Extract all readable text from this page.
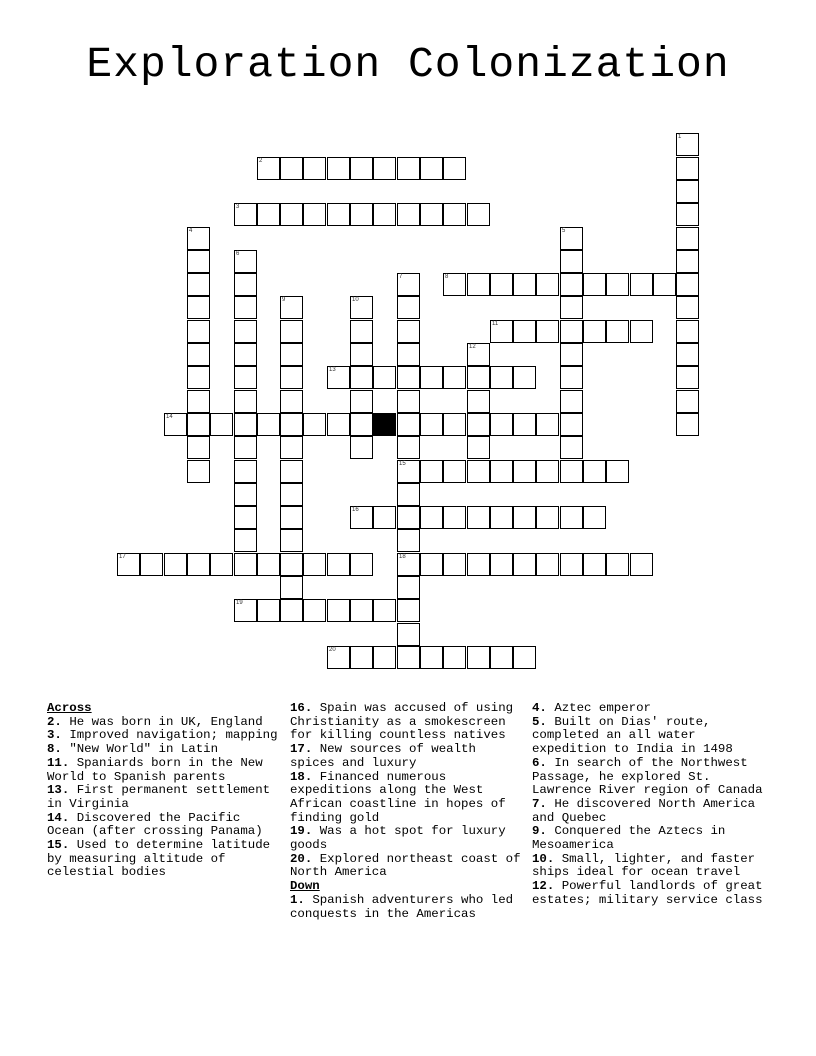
Exploration Colonization
1
2
3
4	5
6
7
15
18
8
9	10
11
12
13
14
16
17
19
20

Across

2. He was born in UK, England

3. Improved navigation; mapping

8. "New World" in Latin

11. Spaniards born in the New World to Spanish parents

13. First permanent settlement in Virginia

14. Discovered the Pacific Ocean (after crossing Panama)

15. Used to determine latitude by measuring altitude of celestial bodies

16. Spain was accused of using Christianity as a smokescreen for killing countless natives

17. New sources of wealth spices and luxury

18. Financed numerous expeditions along the West African coastline in hopes of finding gold

19. Was a hot spot for luxury goods

20. Explored northeast coast of North America

Down

1. Spanish adventurers who led conquests in the Americas

4. Aztec emperor

5. Built on Dias' route, completed an all water expedition to India in 1498

6. In search of the Northwest Passage, he explored St. Lawrence River region of Canada

7. He discovered North America and Quebec

9. Conquered the Aztecs in Mesoamerica

10. Small, lighter, and faster ships ideal for ocean travel

12. Powerful landlords of great estates; military service class
